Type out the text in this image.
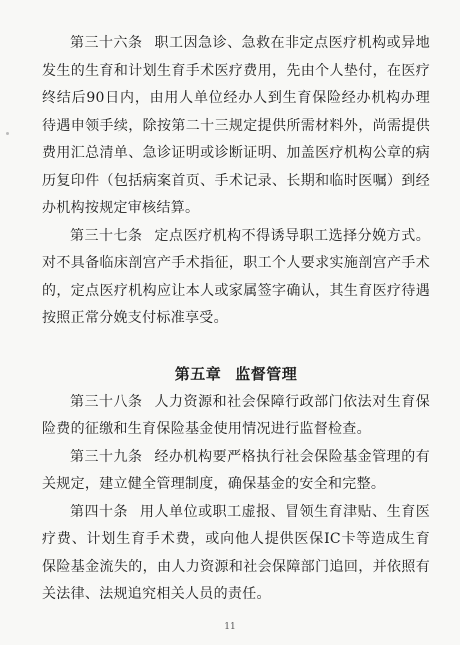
第三十六条 职工因急诊、急救在非定点医疗机构或异地发生的生育和计划生育手术医疗费用，先由个人垫付，在医疗终结后90日内，由用人单位经办人到生育保险经办机构办理待遇申领手续，除按第二十三规定提供所需材料外，尚需提供费用汇总清单、急诊证明或诊断证明、加盖医疗机构公章的病历复印件（包括病案首页、手术记录、长期和临时医嘱）到经办机构按规定审核结算。

第三十七条 定点医疗机构不得诱导职工选择分娩方式。对不具备临床剖宫产手术指征，职工个人要求实施剖宫产手术的，定点医疗机构应让本人或家属签字确认，其生育医疗待遇按照正常分娩支付标准享受。

第五章 监督管理

第三十八条 人力资源和社会保障行政部门依法对生育保险费的征缴和生育保险基金使用情况进行监督检查。

第三十九条 经办机构要严格执行社会保险基金管理的有关规定，建立健全管理制度，确保基金的安全和完整。

第四十条 用人单位或职工虚报、冒领生育津贴、生育医疗费、计划生育手术费，或向他人提供医保IC卡等造成生育保险基金流失的，由人力资源和社会保障部门追回，并依照有关法律、法规追究相关人员的责任。

11
